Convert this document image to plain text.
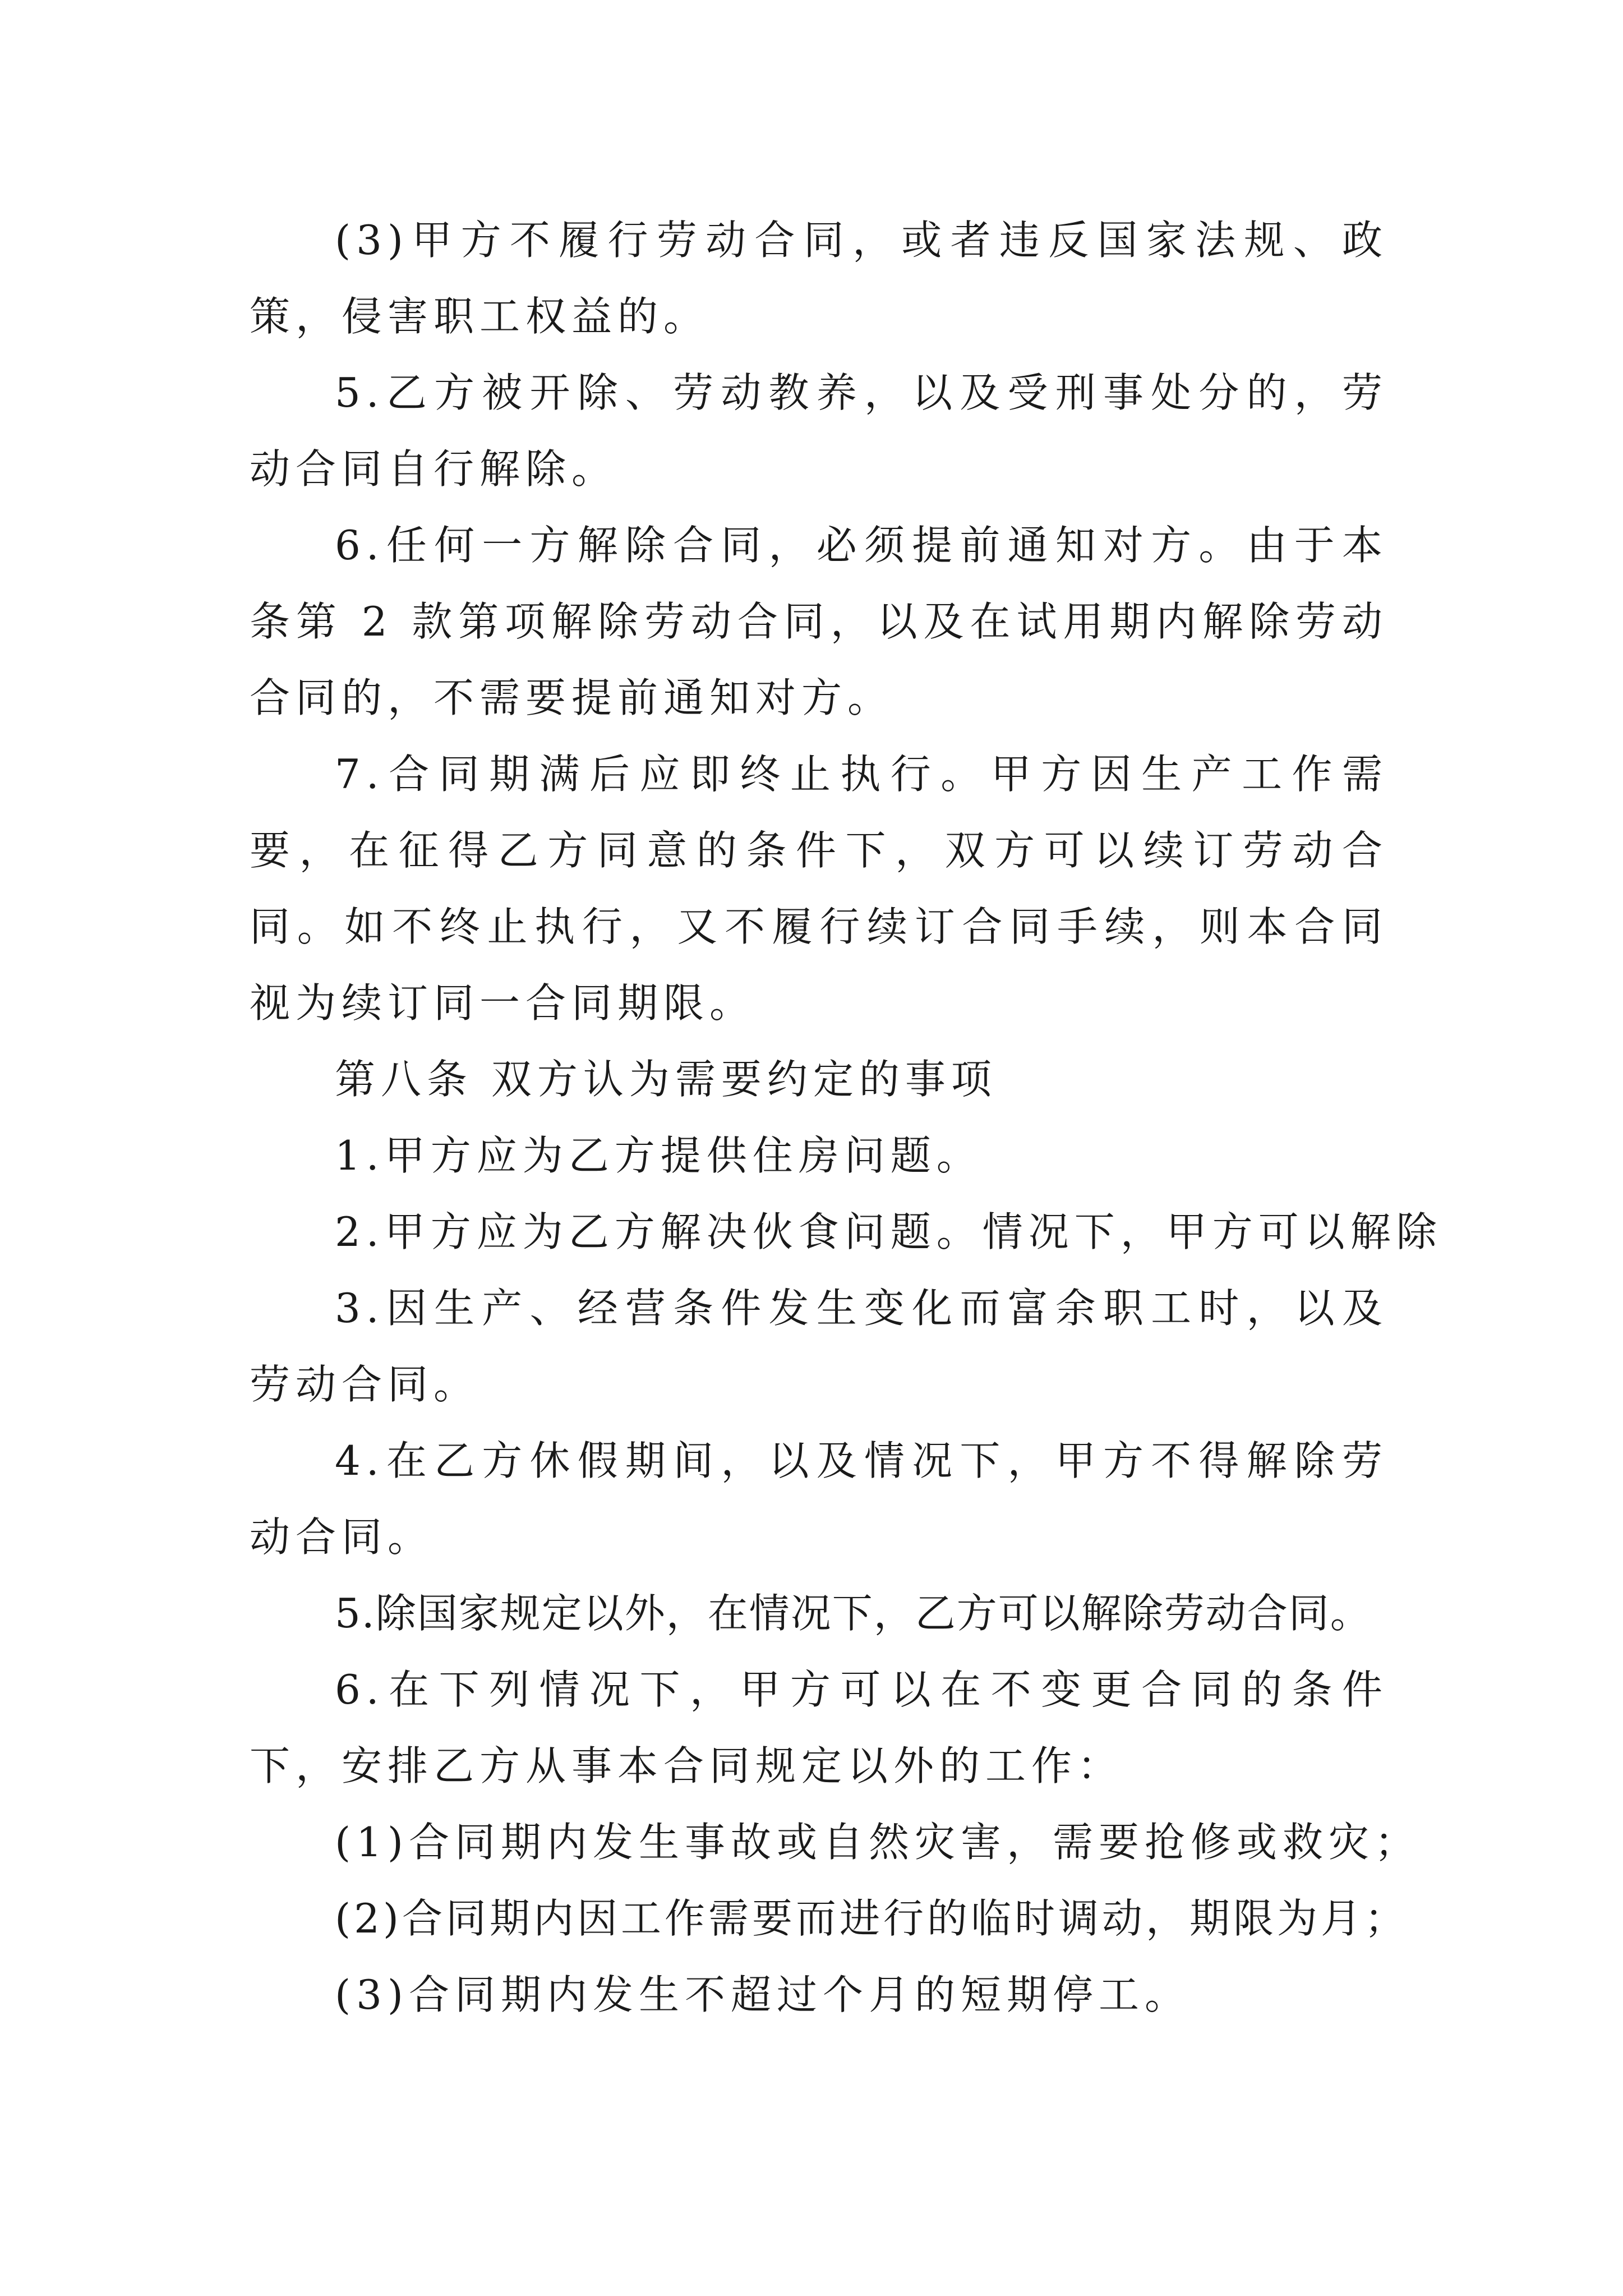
(3)甲方不履行劳动合同，或者违反国家法规、政策，侵害职工权益的。

5.乙方被开除、劳动教养，以及受刑事处分的，劳动合同自行解除。

6.任何一方解除合同，必须提前通知对方。由于本条第 2 款第项解除劳动合同，以及在试用期内解除劳动合同的，不需要提前通知对方。

7.合同期满后应即终止执行。甲方因生产工作需要，在征得乙方同意的条件下，双方可以续订劳动合同。如不终止执行，又不履行续订合同手续，则本合同视为续订同一合同期限。

第八条 双方认为需要约定的事项

1.甲方应为乙方提供住房问题。

2.甲方应为乙方解决伙食问题。情况下，甲方可以解除

3.因生产、经营条件发生变化而富余职工时，以及劳动合同。

4.在乙方休假期间，以及情况下，甲方不得解除劳动合同。

5.除国家规定以外，在情况下，乙方可以解除劳动合同。

6.在下列情况下，甲方可以在不变更合同的条件下，安排乙方从事本合同规定以外的工作：

(1)合同期内发生事故或自然灾害，需要抢修或救灾；

(2)合同期内因工作需要而进行的临时调动，期限为月；

(3)合同期内发生不超过个月的短期停工。
